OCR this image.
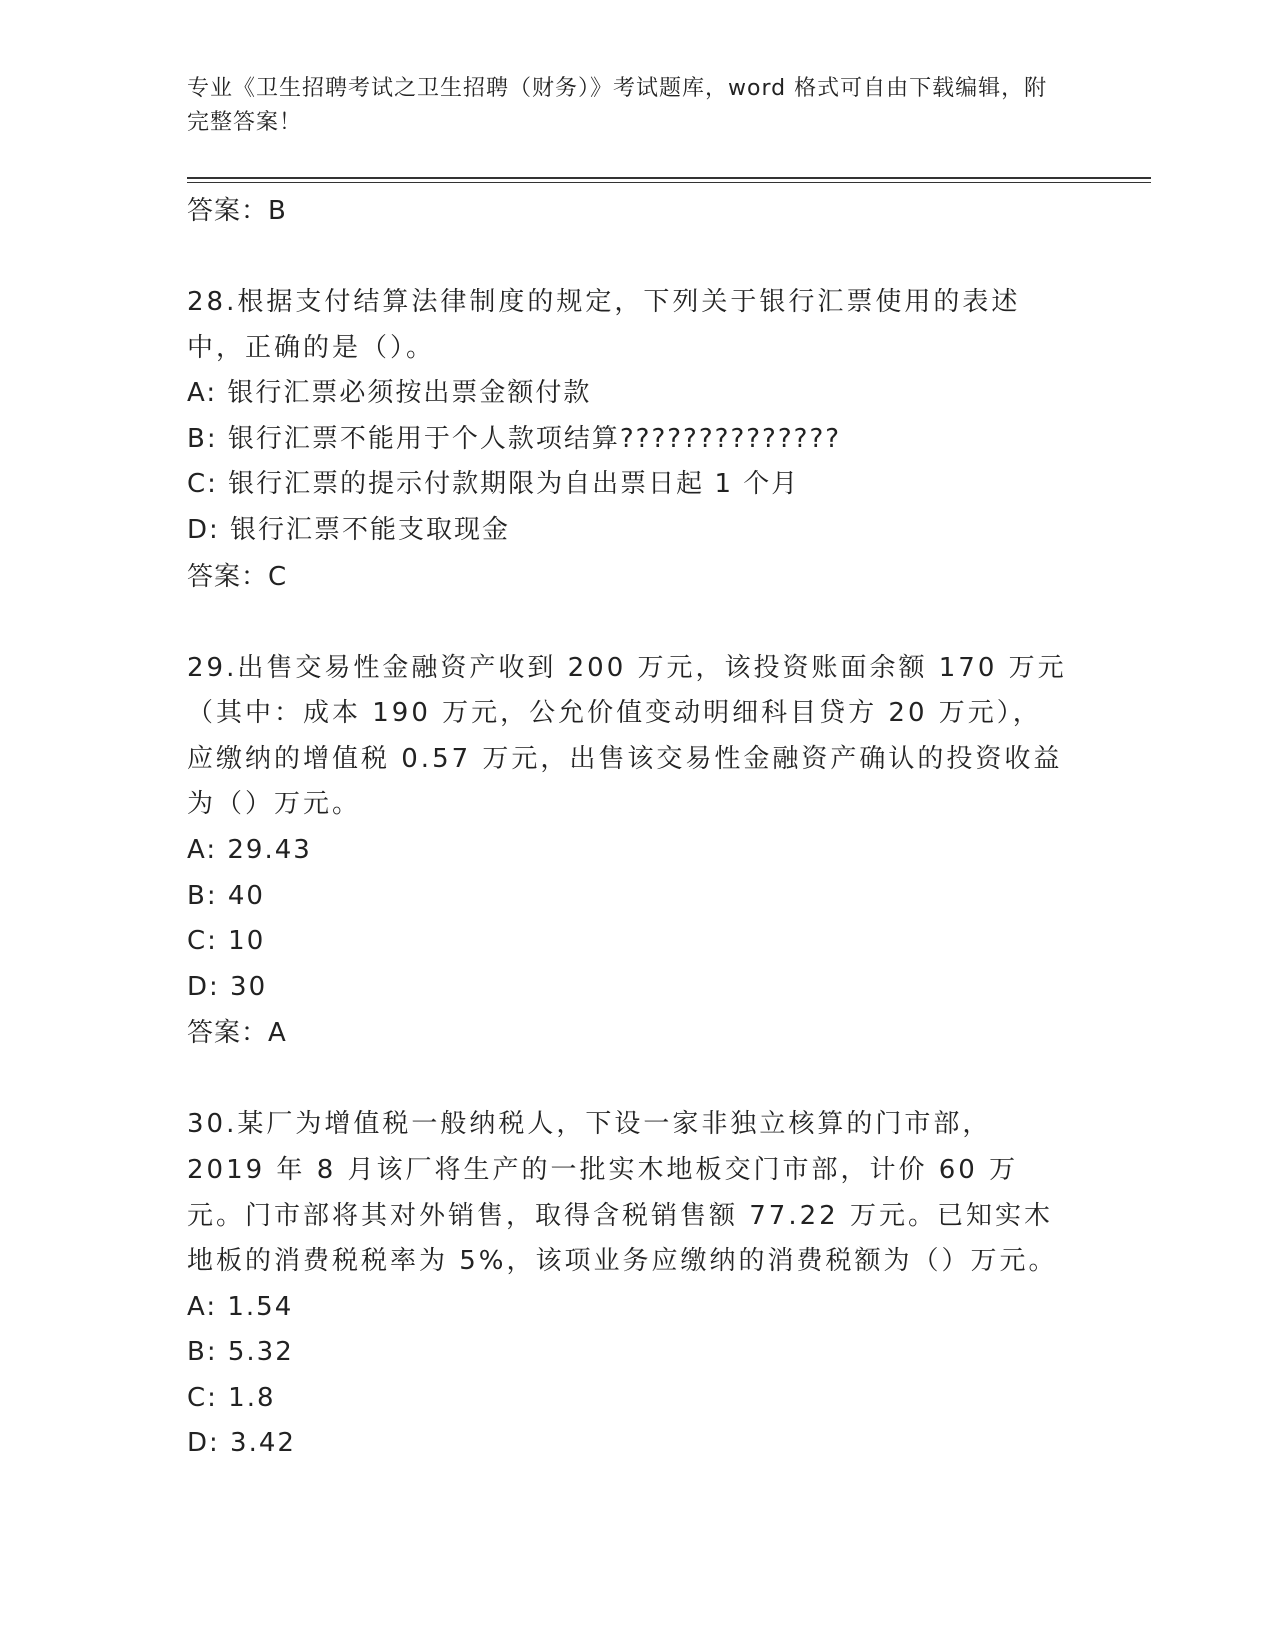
专业《卫生招聘考试之卫生招聘（财务）》考试题库，word 格式可自由下载编辑，附完整答案！

答案：B

28.根据支付结算法律制度的规定，下列关于银行汇票使用的表述中，正确的是（）。

A: 银行汇票必须按出票金额付款

B: 银行汇票不能用于个人款项结算??????????????

C: 银行汇票的提示付款期限为自出票日起 1 个月

D: 银行汇票不能支取现金

答案：C

29.出售交易性金融资产收到 200 万元，该投资账面余额 170 万元（其中：成本 190 万元，公允价值变动明细科目贷方 20 万元），应缴纳的增值税 0.57 万元，出售该交易性金融资产确认的投资收益为（）万元。

A: 29.43

B: 40

C: 10

D: 30

答案：A

30.某厂为增值税一般纳税人，下设一家非独立核算的门市部，2019 年 8 月该厂将生产的一批实木地板交门市部，计价 60 万元。门市部将其对外销售，取得含税销售额 77.22 万元。已知实木地板的消费税税率为 5%，该项业务应缴纳的消费税额为（）万元。

A: 1.54

B: 5.32

C: 1.8

D: 3.42
